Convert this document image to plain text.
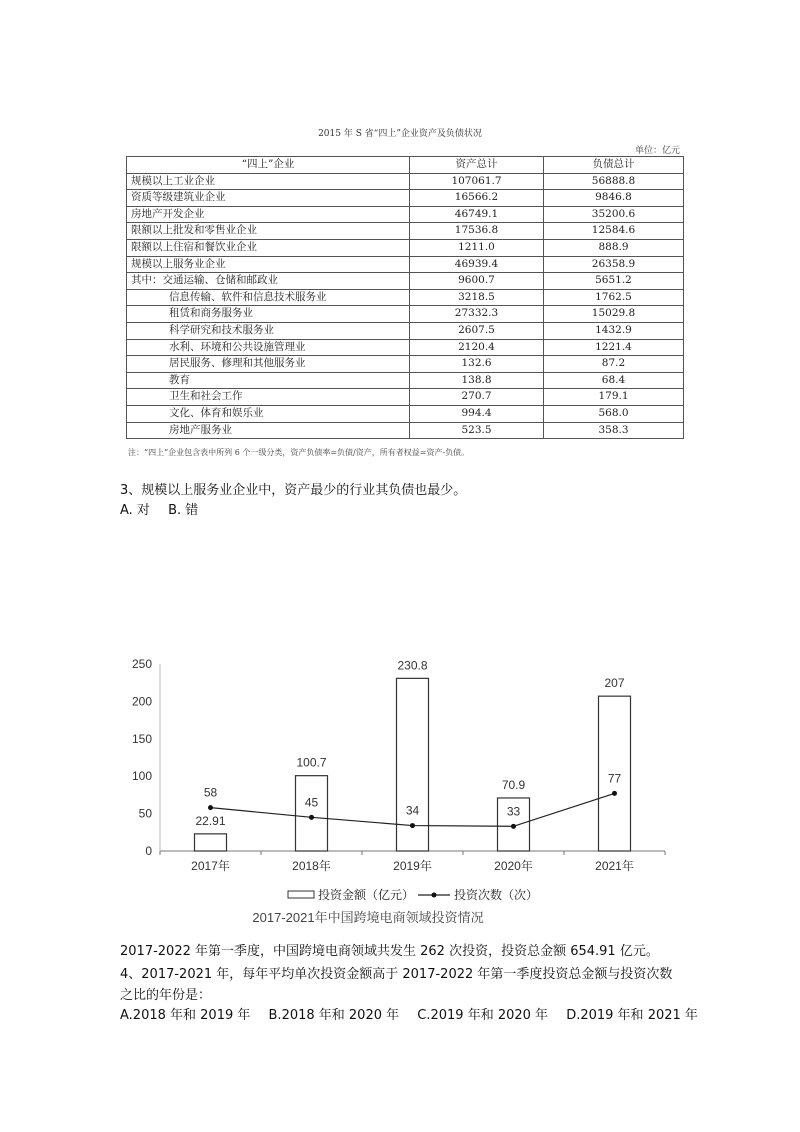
2015 年 S 省“四上”企业资产及负债状况
单位：亿元
“四上”企业	资产总计	负债总计
规模以上工业企业	107061.7	56888.8
资质等级建筑业企业	16566.2	9846.8
房地产开发企业	46749.1	35200.6
限额以上批发和零售业企业	17536.8	12584.6
限额以上住宿和餐饮业企业	1211.0	888.9
规模以上服务业企业	46939.4	26358.9
其中：交通运输、仓储和邮政业	9600.7	5651.2
信息传输、软件和信息技术服务业	3218.5	1762.5
租赁和商务服务业	27332.3	15029.8
科学研究和技术服务业	2607.5	1432.9
水利、环境和公共设施管理业	2120.4	1221.4
居民服务、修理和其他服务业	132.6	87.2
教育	138.8	68.4
卫生和社会工作	270.7	179.1
文化、体育和娱乐业	994.4	568.0
房地产服务业	523.5	358.3
注：“四上”企业包含表中所列 6 个一级分类，资产负债率=负债/资产，所有者权益=资产-负债。
3、规模以上服务业企业中，资产最少的行业其负债也最少。
A. 对 B. 错
0
50
100
150
200
250
2017年	2018年	2019年	2020年	2021年
22.91
100.7
230.8
70.9
207
58
45
34	33
77
投资金额（亿元）	投资次数（次）
2017-2021年中国跨境电商领域投资情况
2017-2022 年第一季度，中国跨境电商领域共发生 262 次投资，投资总金额 654.91 亿元。
4、2017-2021 年，每年平均单次投资金额高于 2017-2022 年第一季度投资总金额与投资次数
之比的年份是：
A.2018 年和 2019 年 B.2018 年和 2020 年 C.2019 年和 2020 年 D.2019 年和 2021 年
